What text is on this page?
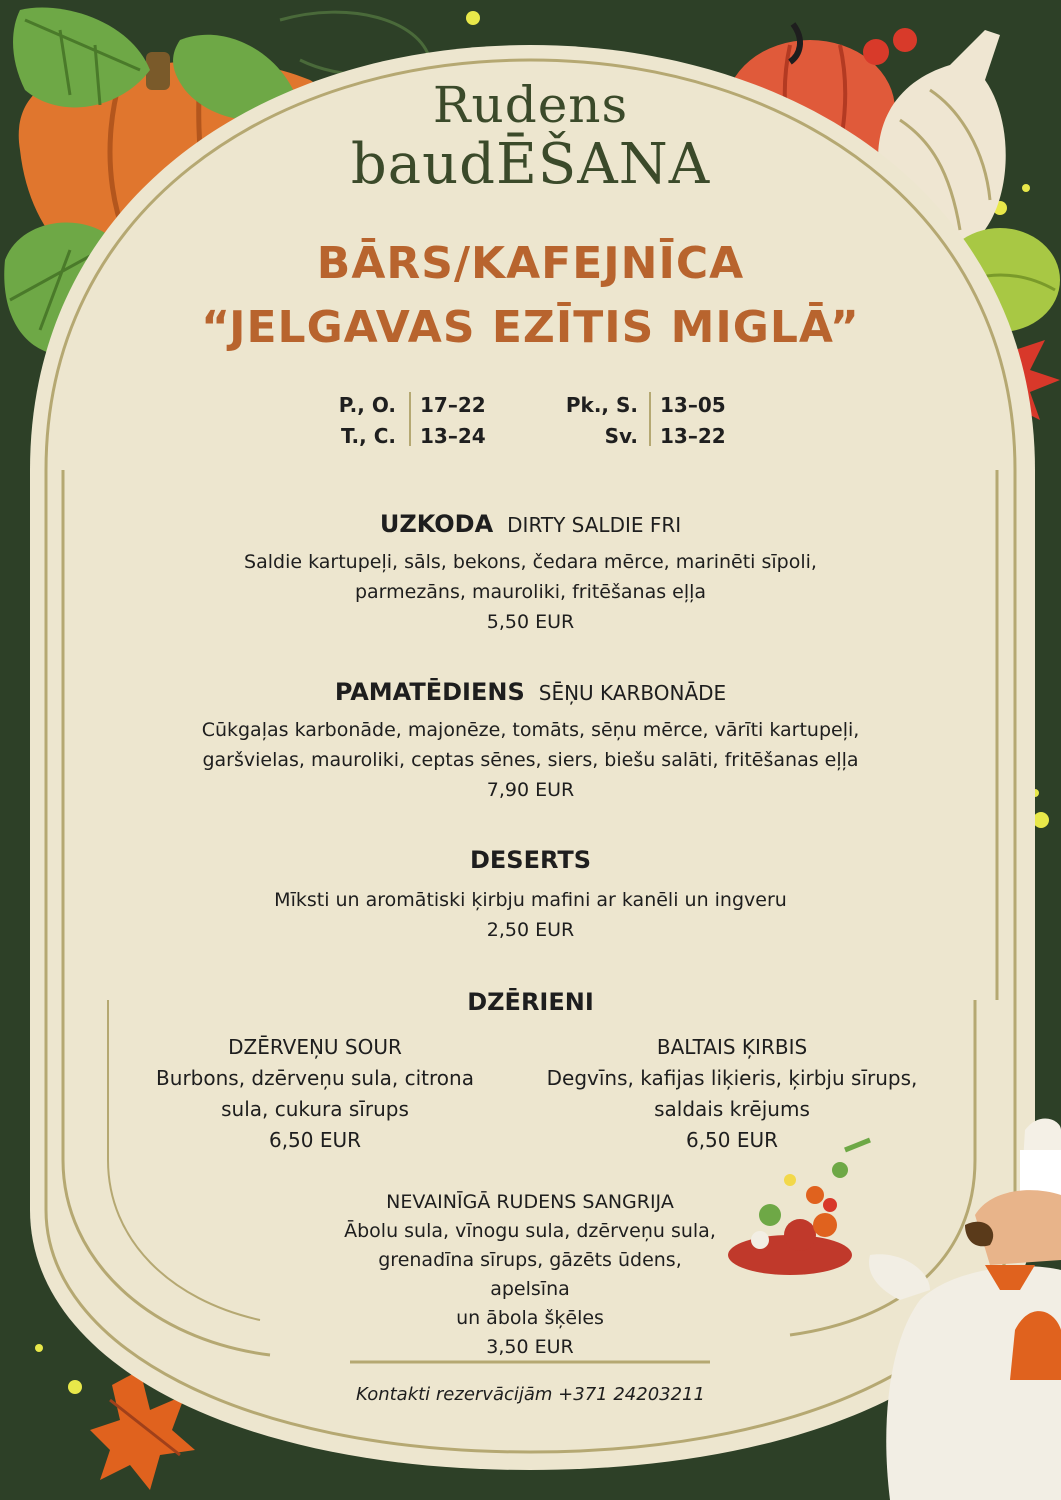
Rudens
baudĒŠANA
BĀRS/KAFEJNĪCA
“JELGAVAS EZĪTIS MIGLĀ”
P., O. 17–22
T., C. 13–24
Pk., S. 13–05
Sv. 13–22
UZKODA DIRTY SALDIE FRI
Saldie kartupeļi, sāls, bekons, čedara mērce, marinēti sīpoli,
parmezāns, mauroliki, fritēšanas eļļa
5,50 EUR
PAMATĒDIENS SĒŅU KARBONĀDE
Cūkgaļas karbonāde, majonēze, tomāts, sēņu mērce, vārīti kartupeļi,
garšvielas, mauroliki, ceptas sēnes, siers, biešu salāti, fritēšanas eļļa
7,90 EUR
DESERTS
Mīksti un aromātiski ķirbju mafini ar kanēli un ingveru
2,50 EUR
DZĒRIENI
DZĒRVEŅU SOUR
Burbons, dzērveņu sula, citrona
sula, cukura sīrups
6,50 EUR
BALTAIS ĶIRBIS
Degvīns, kafijas liķieris, ķirbju sīrups,
saldais krējums
6,50 EUR
NEVAINĪGĀ RUDENS SANGRIJA
Ābolu sula, vīnogu sula, dzērveņu sula,
grenadīna sīrups, gāzēts ūdens, apelsīna
un ābola šķēles
3,50 EUR
Kontakti rezervācijām +371 24203211
